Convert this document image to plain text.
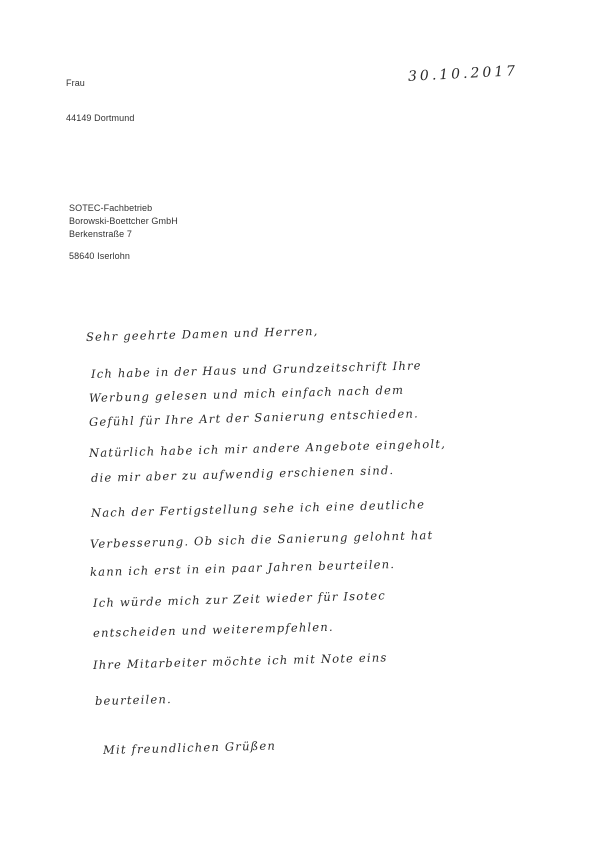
Frau
44149 Dortmund
30.10.2017
SOTEC-Fachbetrieb
Borowski-Boettcher GmbH
Berkenstraße 7
58640 Iserlohn
Sehr geehrte Damen und Herren,
Ich habe in der Haus und Grundzeitschrift Ihre
Werbung gelesen und mich einfach nach dem
Gefühl für Ihre Art der Sanierung entschieden.
Natürlich habe ich mir andere Angebote eingeholt,
die mir aber zu aufwendig erschienen sind.
Nach der Fertigstellung sehe ich eine deutliche
Verbesserung. Ob sich die Sanierung gelohnt hat
kann ich erst in ein paar Jahren beurteilen.
Ich würde mich zur Zeit wieder für Isotec
entscheiden und weiterempfehlen.
Ihre Mitarbeiter möchte ich mit Note eins
beurteilen.
Mit freundlichen Grüßen
